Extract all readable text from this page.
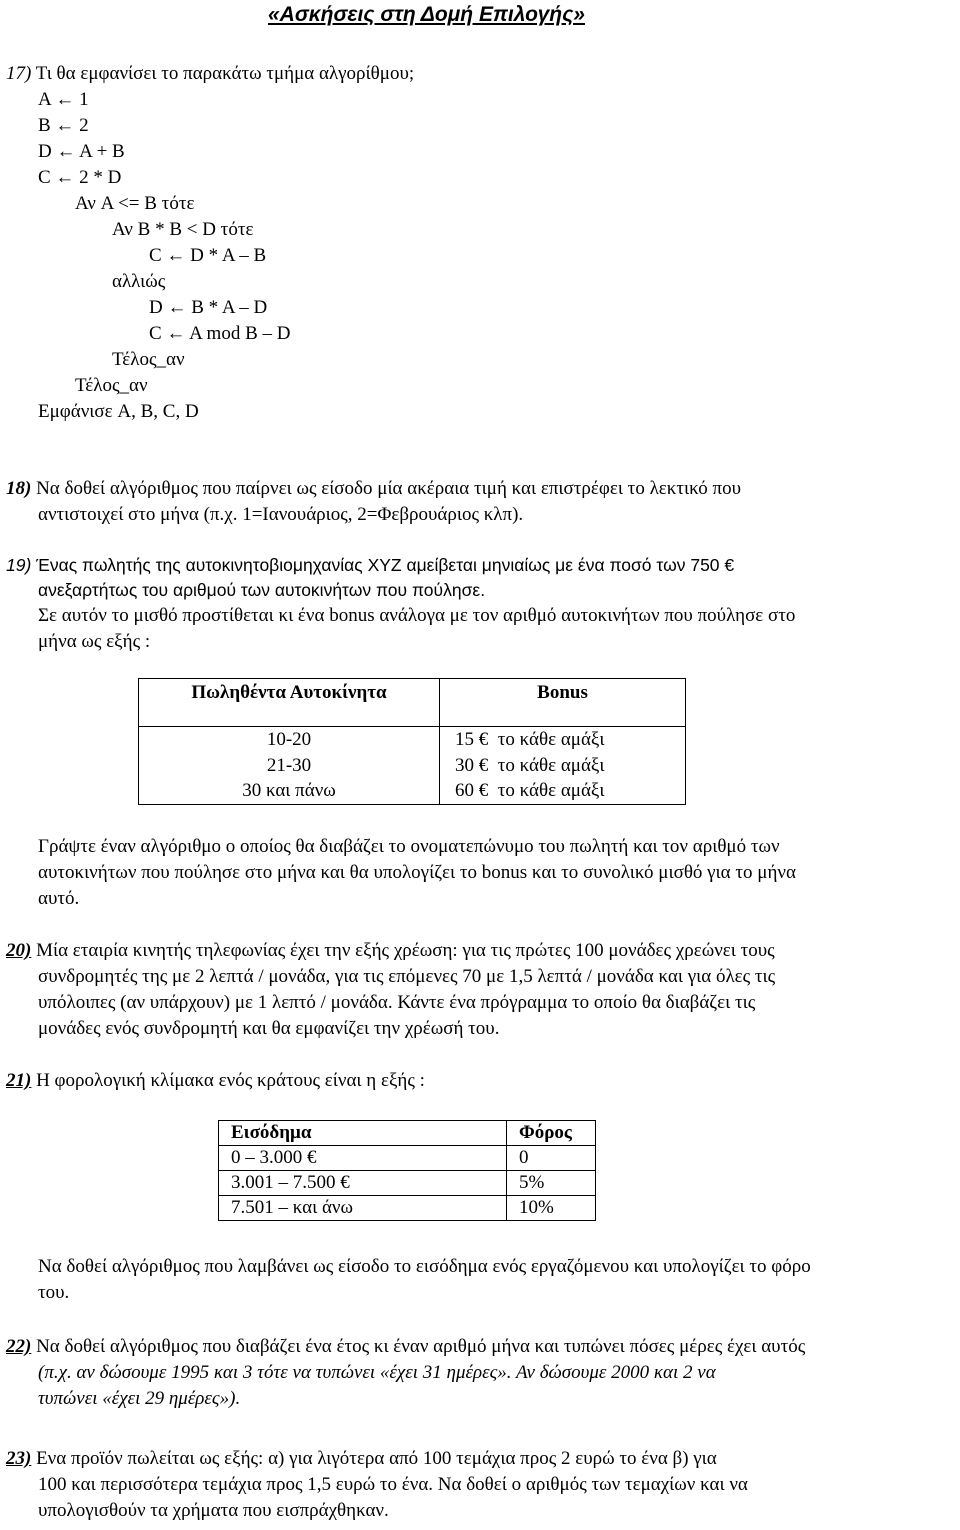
«Ασκήσεις στη Δομή Επιλογής»
17) Τι θα εμφανίσει το παρακάτω τμήμα αλγορίθμου;
A ← 1
B ← 2
D ← A + B
C ← 2 * D
Αν A <= B τότε
Αν B * B < D τότε
C ← D * A – B
αλλιώς
D ← B * A – D
C ← A mod B – D
Τέλος_αν
Τέλος_αν
Εμφάνισε A, B, C, D
18) Να δοθεί αλγόριθμος που παίρνει ως είσοδο μία ακέραια τιμή και επιστρέφει το λεκτικό που
αντιστοιχεί στο μήνα (π.χ. 1=Ιανουάριος, 2=Φεβρουάριος κλπ).
19) Ένας πωλητής της αυτοκινητοβιομηχανίας XYZ αμείβεται μηνιαίως με ένα ποσό των 750 €
ανεξαρτήτως του αριθμού των αυτοκινήτων που πούλησε.
Σε αυτόν το μισθό προστίθεται κι ένα bonus ανάλογα με τον αριθμό αυτοκινήτων που πούλησε στο
μήνα ως εξής :
Πωληθέντα Αυτοκίνητα	Bonus
10-20	15 € το κάθε αμάξι
21-30	30 € το κάθε αμάξι
30 και πάνω	60 € το κάθε αμάξι
Γράψτε έναν αλγόριθμο ο οποίος θα διαβάζει το ονοματεπώνυμο του πωλητή και τον αριθμό των
αυτοκινήτων που πούλησε στο μήνα και θα υπολογίζει το bonus και το συνολικό μισθό για το μήνα
αυτό.
20) Μία εταιρία κινητής τηλεφωνίας έχει την εξής χρέωση: για τις πρώτες 100 μονάδες χρεώνει τους
συνδρομητές της με 2 λεπτά / μονάδα, για τις επόμενες 70 με 1,5 λεπτά / μονάδα και για όλες τις
υπόλοιπες (αν υπάρχουν) με 1 λεπτό / μονάδα. Κάντε ένα πρόγραμμα το οποίο θα διαβάζει τις
μονάδες ενός συνδρομητή και θα εμφανίζει την χρέωσή του.
21) Η φορολογική κλίμακα ενός κράτους είναι η εξής :
Εισόδημα	Φόρος
0 – 3.000 €	0
3.001 – 7.500 €	5%
7.501 – και άνω	10%
Να δοθεί αλγόριθμος που λαμβάνει ως είσοδο το εισόδημα ενός εργαζόμενου και υπολογίζει το φόρο
του.
22) Να δοθεί αλγόριθμος που διαβάζει ένα έτος κι έναν αριθμό μήνα και τυπώνει πόσες μέρες έχει αυτός
(π.χ. αν δώσουμε 1995 και 3 τότε να τυπώνει «έχει 31 ημέρες». Αν δώσουμε 2000 και 2 να
τυπώνει «έχει 29 ημέρες»).
23) Ενα προϊόν πωλείται ως εξής: α) για λιγότερα από 100 τεμάχια προς 2 ευρώ το ένα β) για
100 και περισσότερα τεμάχια προς 1,5 ευρώ το ένα. Να δοθεί ο αριθμός των τεμαχίων και να
υπολογισθούν τα χρήματα που εισπράχθηκαν.
